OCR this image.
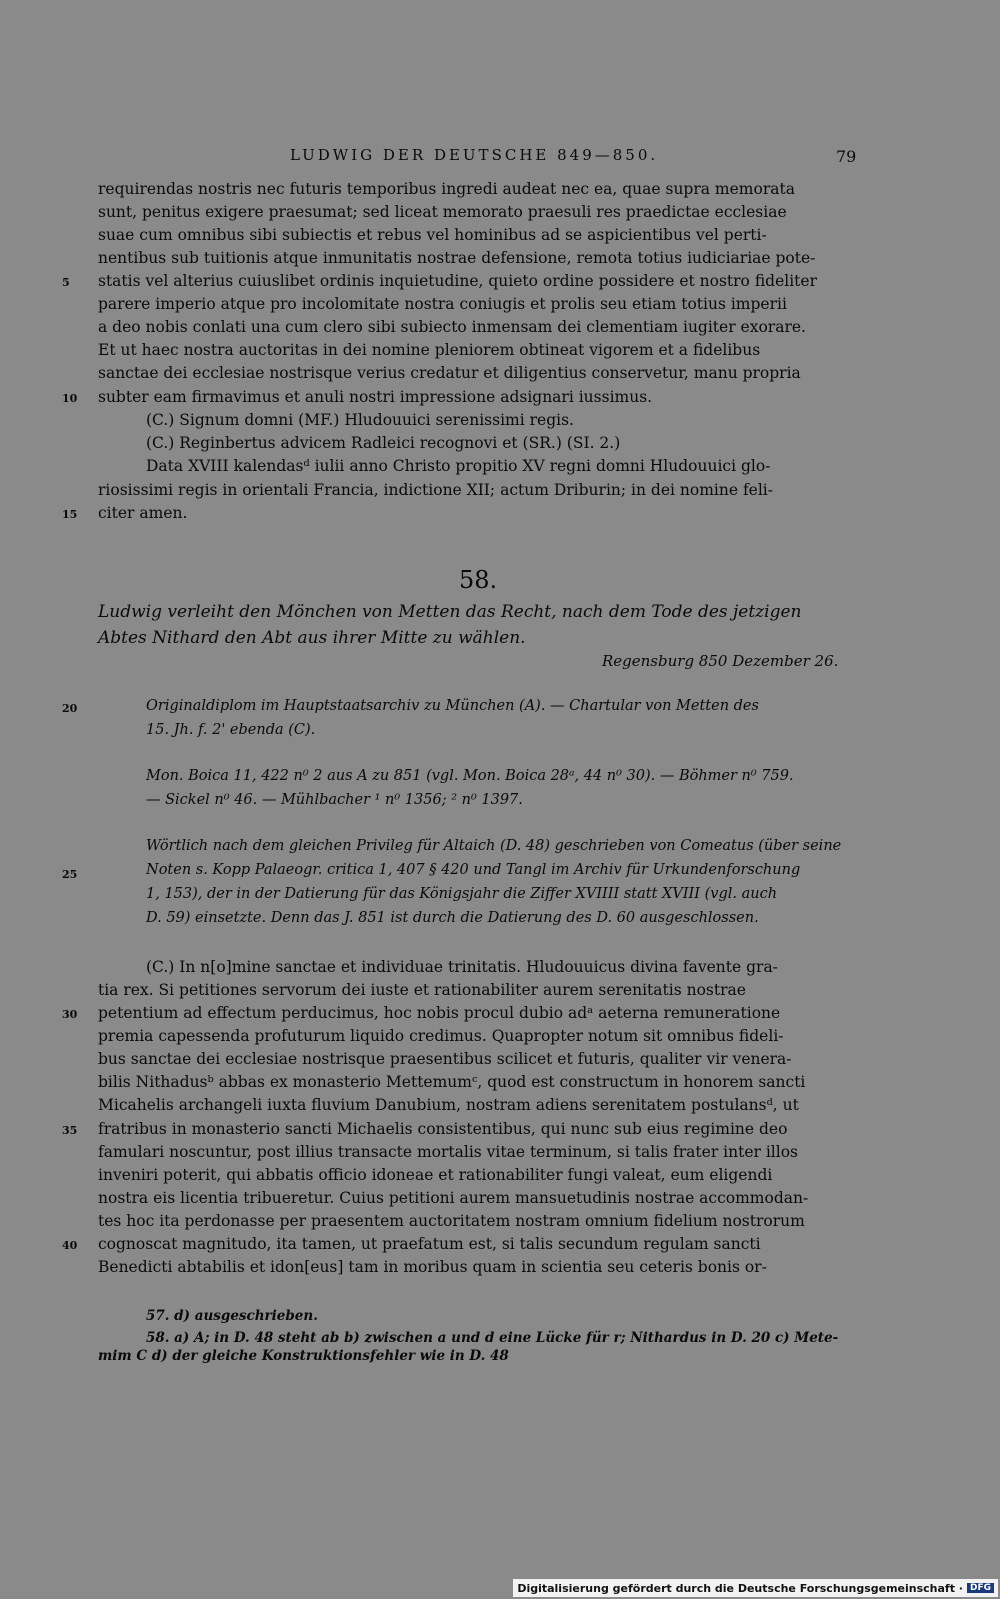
LUDWIG DER DEUTSCHE 849—850.	79
requirendas nostris nec futuris temporibus ingredi audeat nec ea, quae supra memorata
sunt, penitus exigere praesumat; sed liceat memorato praesuli res praedictae ecclesiae
suae cum omnibus sibi subiectis et rebus vel hominibus ad se aspicientibus vel perti-
nentibus sub tuitionis atque inmunitatis nostrae defensione, remota totius iudiciariae pote-
statis vel alterius cuiuslibet ordinis inquietudine, quieto ordine possidere et nostro fideliter
parere imperio atque pro incolomitate nostra coniugis et prolis seu etiam totius imperii
a deo nobis conlati una cum clero sibi subiecto inmensam dei clementiam iugiter exorare.
Et ut haec nostra auctoritas in dei nomine pleniorem obtineat vigorem et a fidelibus
sanctae dei ecclesiae nostrisque verius credatur et diligentius conservetur, manu propria
subter eam firmavimus et anuli nostri impressione adsignari iussimus.
(C.) Signum domni (MF.) Hludouuici serenissimi regis.
(C.) Reginbertus advicem Radleici recognovi et (SR.) (SI. 2.)
Data XVIII kalendasᵈ iulii anno Christo propitio XV regni domni Hludouuici glo-
riosissimi regis in orientali Francia, indictione XII; actum Driburin; in dei nomine feli-
citer amen.
5
10
15
58.
Ludwig verleiht den Mönchen von Metten das Recht, nach dem Tode des jetzigen
Abtes Nithard den Abt aus ihrer Mitte zu wählen.
Regensburg 850 Dezember 26.
Originaldiplom im Hauptstaatsarchiv zu München (A). — Chartular von Metten des
15. Jh. f. 2' ebenda (C).
Mon. Boica 11, 422 n⁰ 2 aus A zu 851 (vgl. Mon. Boica 28ᵃ, 44 n⁰ 30). — Böhmer n⁰ 759.
— Sickel n⁰ 46. — Mühlbacher ¹ n⁰ 1356; ² n⁰ 1397.
Wörtlich nach dem gleichen Privileg für Altaich (D. 48) geschrieben von Comeatus (über seine
Noten s. Kopp Palaeogr. critica 1, 407 § 420 und Tangl im Archiv für Urkundenforschung
1, 153), der in der Datierung für das Königsjahr die Ziffer XVIIII statt XVIII (vgl. auch
D. 59) einsetzte. Denn das J. 851 ist durch die Datierung des D. 60 ausgeschlossen.
20
25
(C.) In n[o]mine sanctae et individuae trinitatis. Hludouuicus divina favente gra-
tia rex. Si petitiones servorum dei iuste et rationabiliter aurem serenitatis nostrae
petentium ad effectum perducimus, hoc nobis procul dubio adᵃ aeterna remuneratione
premia capessenda profuturum liquido credimus. Quapropter notum sit omnibus fideli-
bus sanctae dei ecclesiae nostrisque praesentibus scilicet et futuris, qualiter vir venera-
bilis Nithadusᵇ abbas ex monasterio Mettemumᶜ, quod est constructum in honorem sancti
Micahelis archangeli iuxta fluvium Danubium, nostram adiens serenitatem postulansᵈ, ut
fratribus in monasterio sancti Michaelis consistentibus, qui nunc sub eius regimine deo
famulari noscuntur, post illius transacte mortalis vitae terminum, si talis frater inter illos
inveniri poterit, qui abbatis officio idoneae et rationabiliter fungi valeat, eum eligendi
nostra eis licentia tribueretur. Cuius petitioni aurem mansuetudinis nostrae accommodan-
tes hoc ita perdonasse per praesentem auctoritatem nostram omnium fidelium nostrorum
cognoscat magnitudo, ita tamen, ut praefatum est, si talis secundum regulam sancti
Benedicti abtabilis et idon[eus] tam in moribus quam in scientia seu ceteris bonis or-
30
35
40
57. d) ausgeschrieben.
58. a) A; in D. 48 steht ab b) zwischen a und d eine Lücke für r; Nithardus in D. 20 c) Mete-
mim C d) der gleiche Konstruktionsfehler wie in D. 48
Digitalisierung gefördert durch die Deutsche Forschungsgemeinschaft · DFG
